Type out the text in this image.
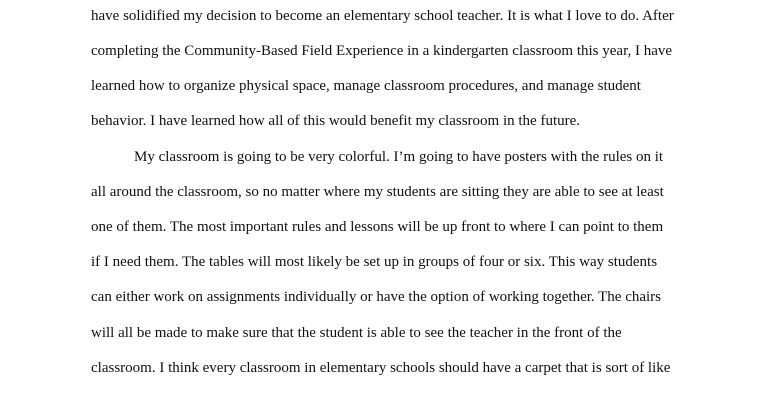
have solidified my decision to become an elementary school teacher. It is what I love to do. After

completing the Community-Based Field Experience in a kindergarten classroom this year, I have

learned how to organize physical space, manage classroom procedures, and manage student

behavior. I have learned how all of this would benefit my classroom in the future.

My classroom is going to be very colorful. I’m going to have posters with the rules on it

all around the classroom, so no matter where my students are sitting they are able to see at least

one of them. The most important rules and lessons will be up front to where I can point to them

if I need them. The tables will most likely be set up in groups of four or six. This way students

can either work on assignments individually or have the option of working together. The chairs

will all be made to make sure that the student is able to see the teacher in the front of the

classroom. I think every classroom in elementary schools should have a carpet that is sort of like
